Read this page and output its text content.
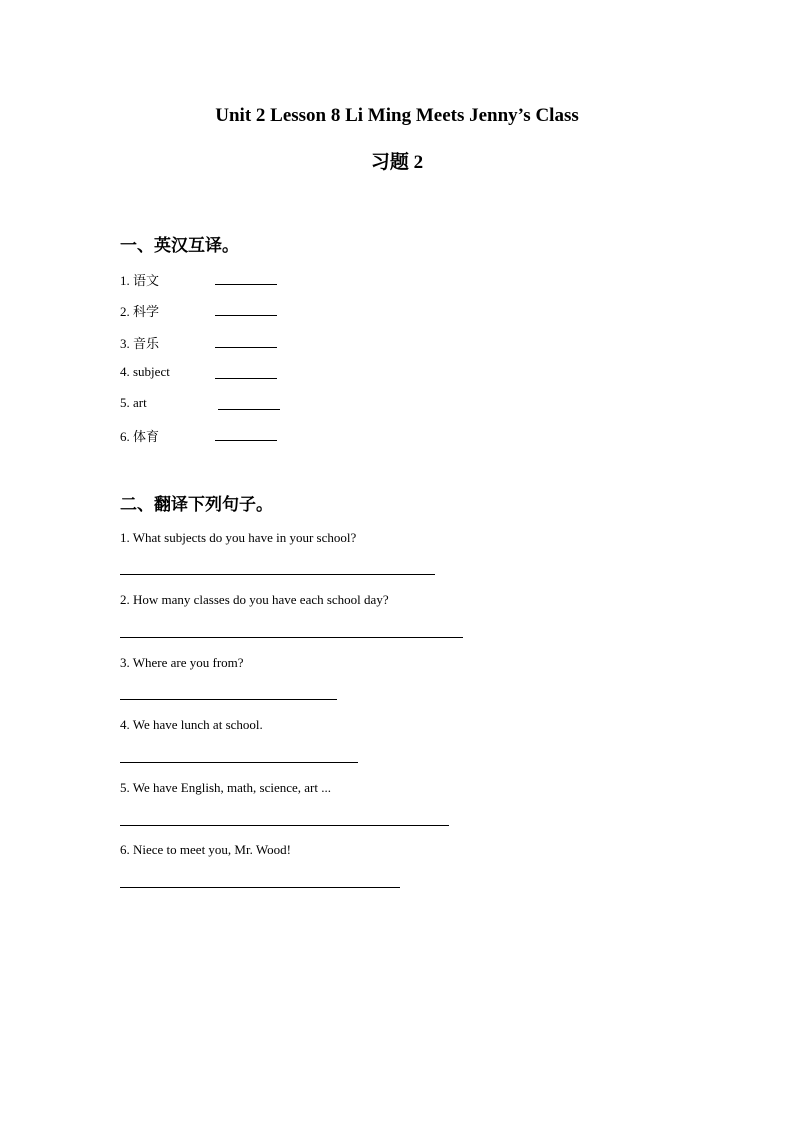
Unit 2 Lesson 8 Li Ming Meets Jenny’s Class
习题 2
一、英汉互译。
1. 语文
2. 科学
3. 音乐
4. subject
5. art
6. 体育
二、翻译下列句子。
1. What subjects do you have in your school?
2. How many classes do you have each school day?
3. Where are you from?
4. We have lunch at school.
5. We have English, math, science, art ...
6. Niece to meet you, Mr. Wood!
